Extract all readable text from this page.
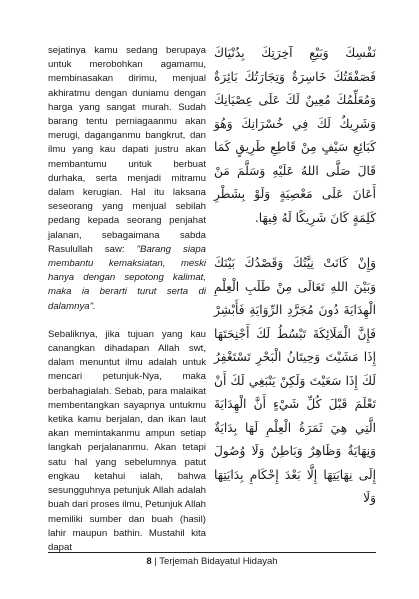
sejatinya kamu sedang berupaya untuk merobohkan agamamu, membinasakan dirimu, menjual akhiratmu dengan duniamu dengan harga yang sangat murah. Sudah barang tentu perniagaanmu akan merugi, daganganmu bangkrut, dan ilmu yang kau dapati justru akan membantumu untuk berbuat durhaka, serta menjadi mitramu dalam kerugian. Hal itu laksana seseorang yang menjual sebilah pedang kepada seorang penjahat jalanan, sebagaimana sabda Rasulullah saw: "Barang siapa membantu kemaksiatan, meski hanya dengan sepotong kalimat, maka ia berarti turut serta di dalamnya".

Sebaliknya, jika tujuan yang kau canangkan dihadapan Allah swt, dalam menuntut ilmu adalah untuk mencari petunjuk-Nya, maka berbahagialah. Sebab, para malaikat membentangkan sayapnya untukmu ketika kamu berjalan, dan ikan laut akan memintakanmu ampun setiap langkah perjalananmu. Akan tetapi satu hal yang sebelumnya patut engkau ketahui ialah, bahwa sesungguhnya petunjuk Allah adalah buah dari proses ilmu, Petunjuk Allah memiliki sumber dan buah (hasil) lahir maupun bathin. Mustahil kita dapat

نَفْسِكَ وَبَيْعِ آخِرَتِكَ بِدُنْيَاكَ فَصَفْقَتُكَ خَاسِرَةٌ وَتِجَارَتُكَ بَائِرَةٌ وَمُعَلِّمُكَ مُعِينٌ لَكَ عَلَى عِصْيَانِكَ وَشَرِيكٌ لَكَ فِي خُسْرَانِكَ وَهُوَ كَبَائِعِ سَيْفٍ مِنْ قَاطِعِ طَرِيقٍ كَمَا قَالَ صَلَّى اللهُ عَلَيْهِ وَسَلَّمَ مَنْ أَعَانَ عَلَى مَعْصِيَةٍ وَلَوْ بِشَطْرِ كَلِمَةٍ كَانَ شَرِيكًا لَهُ فِيهَا.

وَإِنْ كَانَتْ نِيَّتُكَ وَقَصْدُكَ بَيْنَكَ وَبَيْنَ اللهِ تَعَالَى مِنْ طَلَبِ الْعِلْمِ الْهِدَايَةَ دُونَ مُجَرَّدِ الرِّوَايَةِ فَأَبْشِرْ فَإِنَّ الْمَلَائِكَةَ تَبْسُطُ لَكَ أَجْنِحَتَهَا إِذَا مَشَيْتَ وَحِيتَانُ الْبَحْرِ تَسْتَغْفِرُ لَكَ إِذَا سَعَيْتَ وَلَكِنْ يَنْبَغِي لَكَ أَنْ تَعْلَمَ قَبْلَ كُلِّ شَيْءٍ أَنَّ الْهِدَايَةَ الَّتِي هِيَ ثَمَرَةُ الْعِلْمِ لَهَا بِدَايَةٌ وَنِهَايَةٌ وَظَاهِرٌ وَبَاطِنٌ وَلَا وُصُولَ إِلَى نِهَايَتِهَا إِلَّا بَعْدَ إِحْكَامِ بِدَايَتِهَا وَلَا

8 | Terjemah Bidayatul Hidayah
